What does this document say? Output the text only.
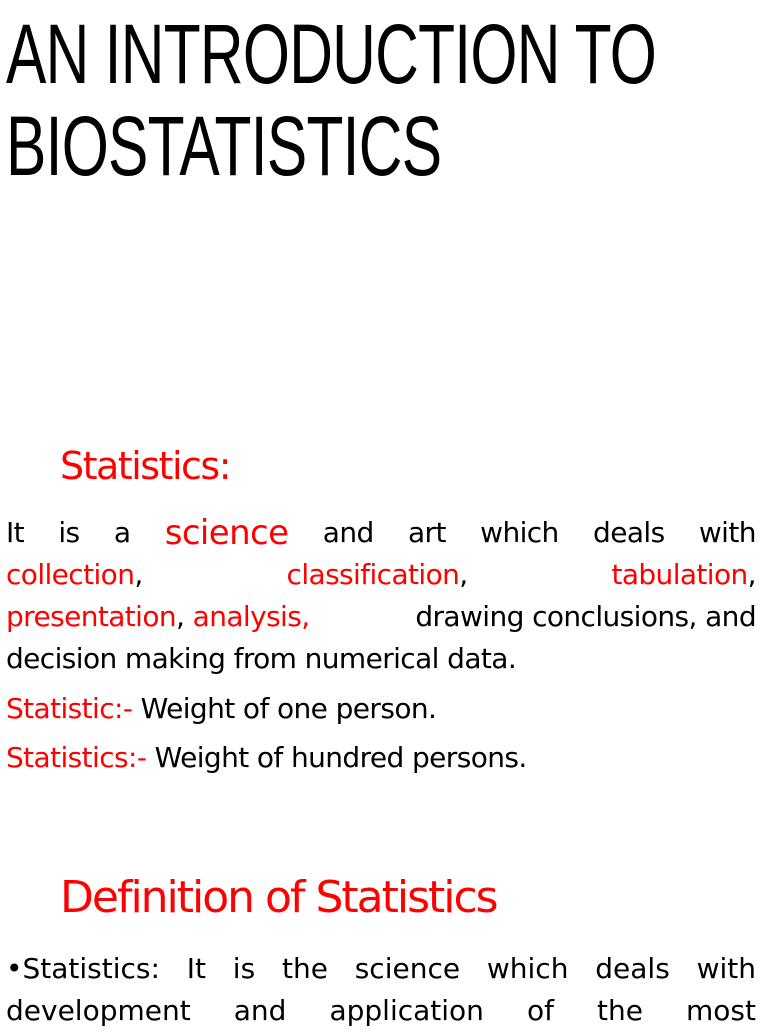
AN INTRODUCTION TO
BIOSTATISTICS
Statistics:
It is a science and art which deals with
collection,	classification,	tabulation,
presentation, analysis,	drawing conclusions, and
decision making from numerical data.
Statistic:- Weight of one person.
Statistics:- Weight of hundred persons.
Definition of Statistics
•Statistics: It is the science which deals with
development and application of the most
